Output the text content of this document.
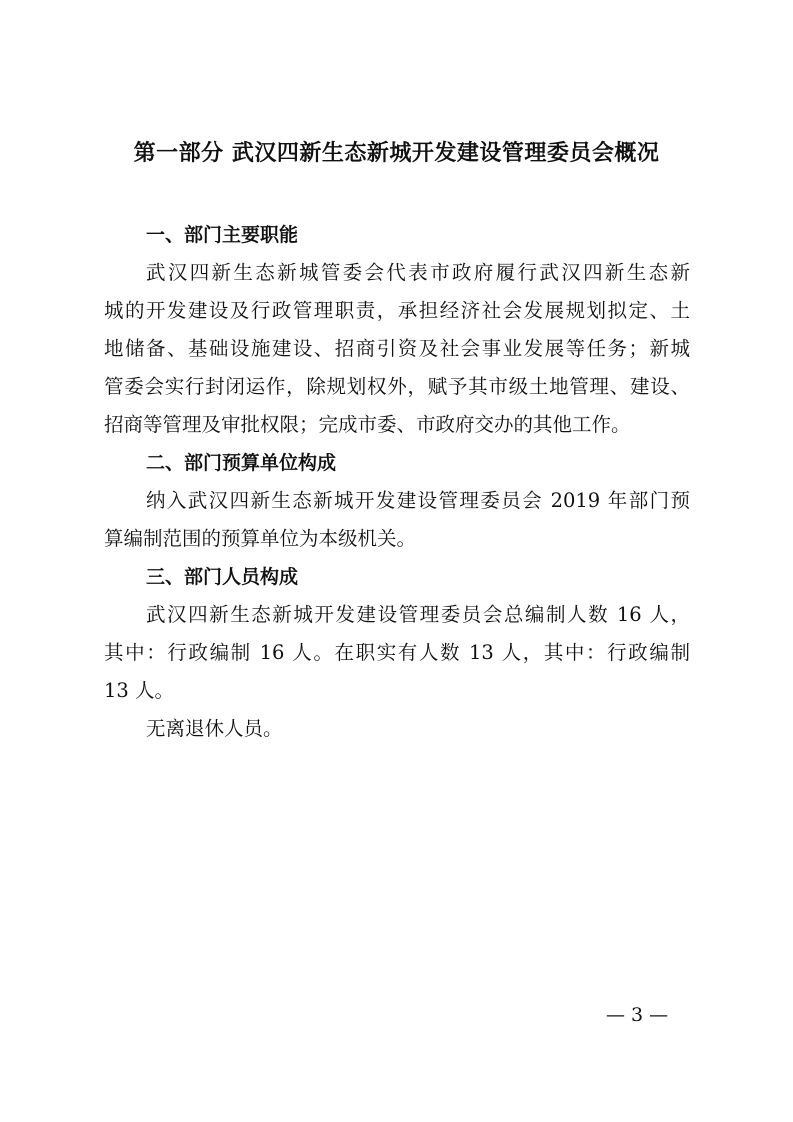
第一部分 武汉四新生态新城开发建设管理委员会概况
一、部门主要职能
武汉四新生态新城管委会代表市政府履行武汉四新生态新
城的开发建设及行政管理职责，承担经济社会发展规划拟定、土
地储备、基础设施建设、招商引资及社会事业发展等任务；新城
管委会实行封闭运作，除规划权外，赋予其市级土地管理、建设、
招商等管理及审批权限；完成市委、市政府交办的其他工作。
二、部门预算单位构成
纳入武汉四新生态新城开发建设管理委员会 2019 年部门预
算编制范围的预算单位为本级机关。
三、部门人员构成
武汉四新生态新城开发建设管理委员会总编制人数 16 人，
其中：行政编制 16 人。在职实有人数 13 人，其中：行政编制
13 人。
无离退休人员。
— 3 —
